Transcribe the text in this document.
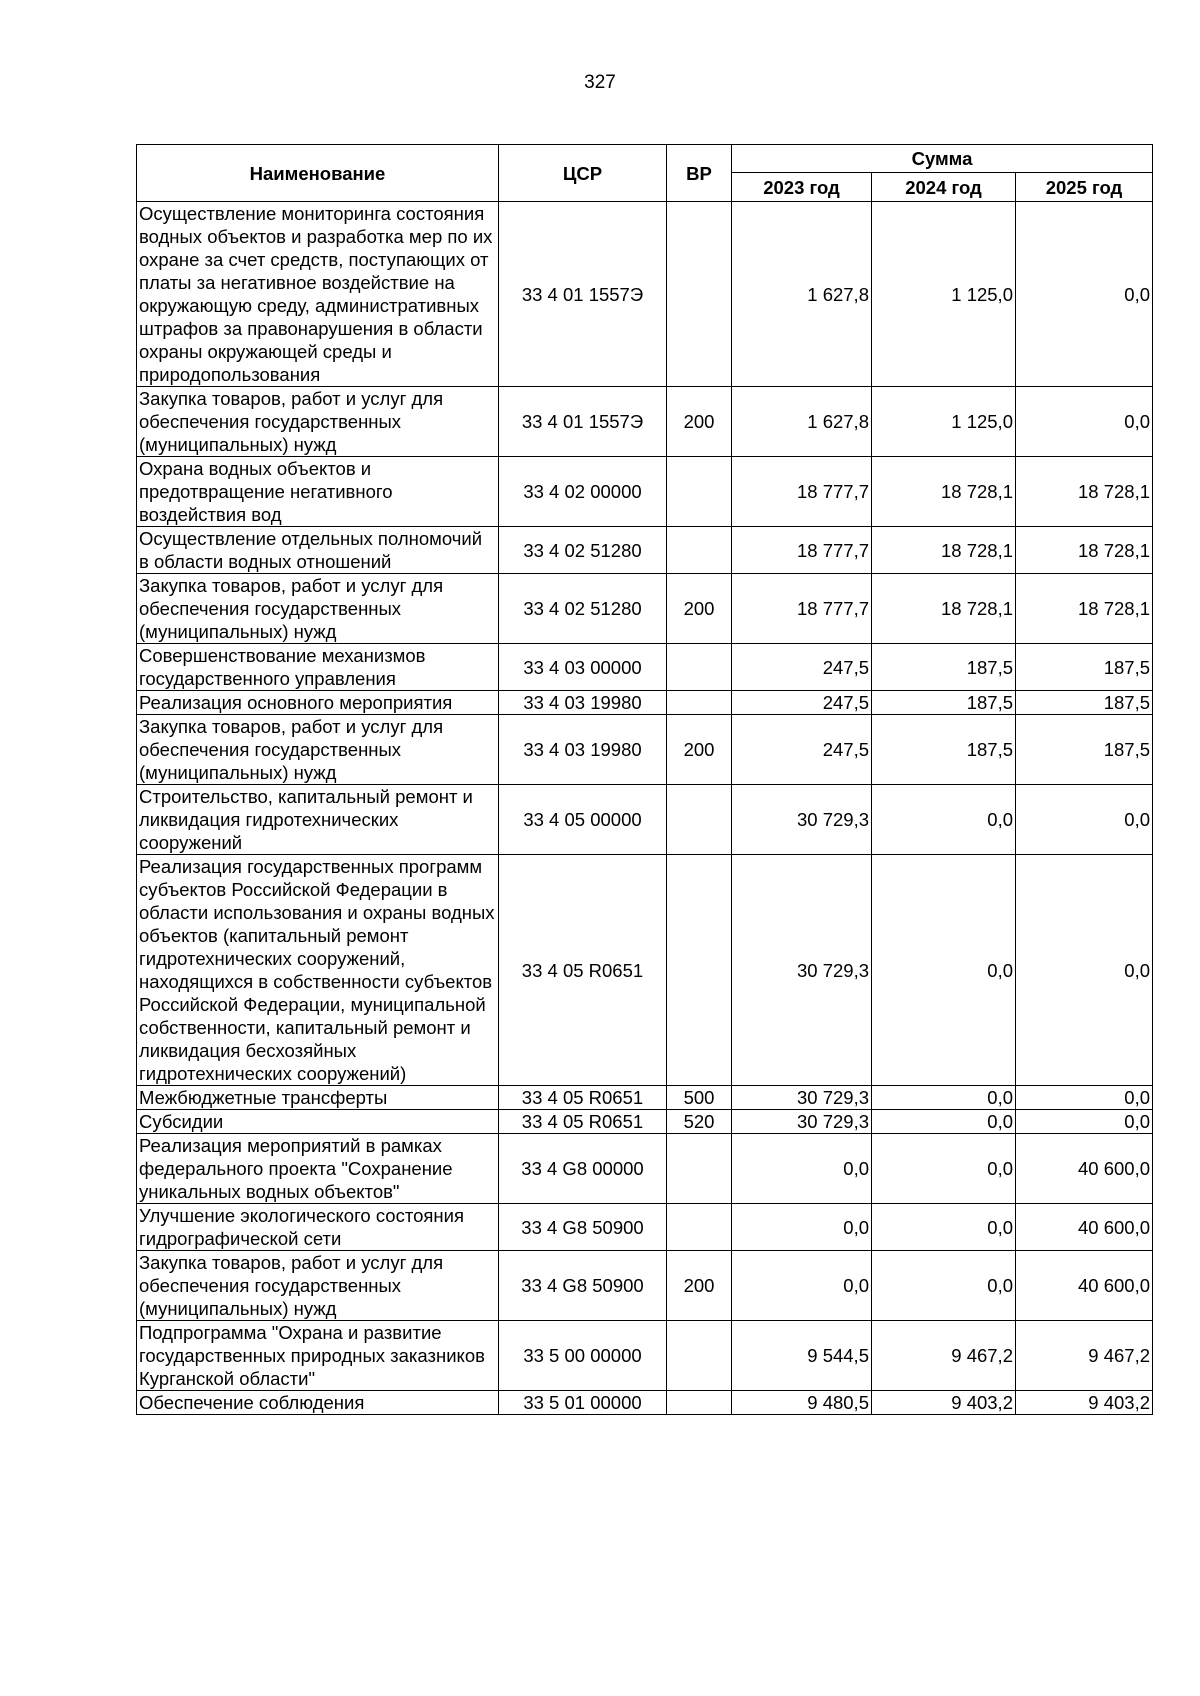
327
Наименование	ЦСР	ВР	Сумма		
			2023 год	2024 год	2025 год
Осуществление мониторинга состояния водных объектов и разработка мер по их охране за счет средств, поступающих от платы за негативное воздействие на окружающую среду, административных штрафов за правонарушения в области охраны окружающей среды и природопользования	33 4 01 1557Э		1 627,8	1 125,0	0,0
Закупка товаров, работ и услуг для обеспечения государственных (муниципальных) нужд	33 4 01 1557Э	200	1 627,8	1 125,0	0,0
Охрана водных объектов и предотвращение негативного воздействия вод	33 4 02 00000		18 777,7	18 728,1	18 728,1
Осуществление отдельных полномочий в области водных отношений	33 4 02 51280		18 777,7	18 728,1	18 728,1
Закупка товаров, работ и услуг для обеспечения государственных (муниципальных) нужд	33 4 02 51280	200	18 777,7	18 728,1	18 728,1
Совершенствование механизмов государственного управления	33 4 03 00000		247,5	187,5	187,5
Реализация основного мероприятия	33 4 03 19980		247,5	187,5	187,5
Закупка товаров, работ и услуг для обеспечения государственных (муниципальных) нужд	33 4 03 19980	200	247,5	187,5	187,5
Строительство, капитальный ремонт и ликвидация гидротехнических сооружений	33 4 05 00000		30 729,3	0,0	0,0
Реализация государственных программ субъектов Российской Федерации в области использования и охраны водных объектов (капитальный ремонт гидротехнических сооружений, находящихся в собственности субъектов Российской Федерации, муниципальной собственности, капитальный ремонт и ликвидация бесхозяйных гидротехнических сооружений)	33 4 05 R0651		30 729,3	0,0	0,0
Межбюджетные трансферты	33 4 05 R0651	500	30 729,3	0,0	0,0
Субсидии	33 4 05 R0651	520	30 729,3	0,0	0,0
Реализация мероприятий в рамках федерального проекта "Сохранение уникальных водных объектов"	33 4 G8 00000		0,0	0,0	40 600,0
Улучшение экологического состояния гидрографической сети	33 4 G8 50900		0,0	0,0	40 600,0
Закупка товаров, работ и услуг для обеспечения государственных (муниципальных) нужд	33 4 G8 50900	200	0,0	0,0	40 600,0
Подпрограмма "Охрана и развитие государственных природных заказников Курганской области"	33 5 00 00000		9 544,5	9 467,2	9 467,2
Обеспечение соблюдения	33 5 01 00000		9 480,5	9 403,2	9 403,2
